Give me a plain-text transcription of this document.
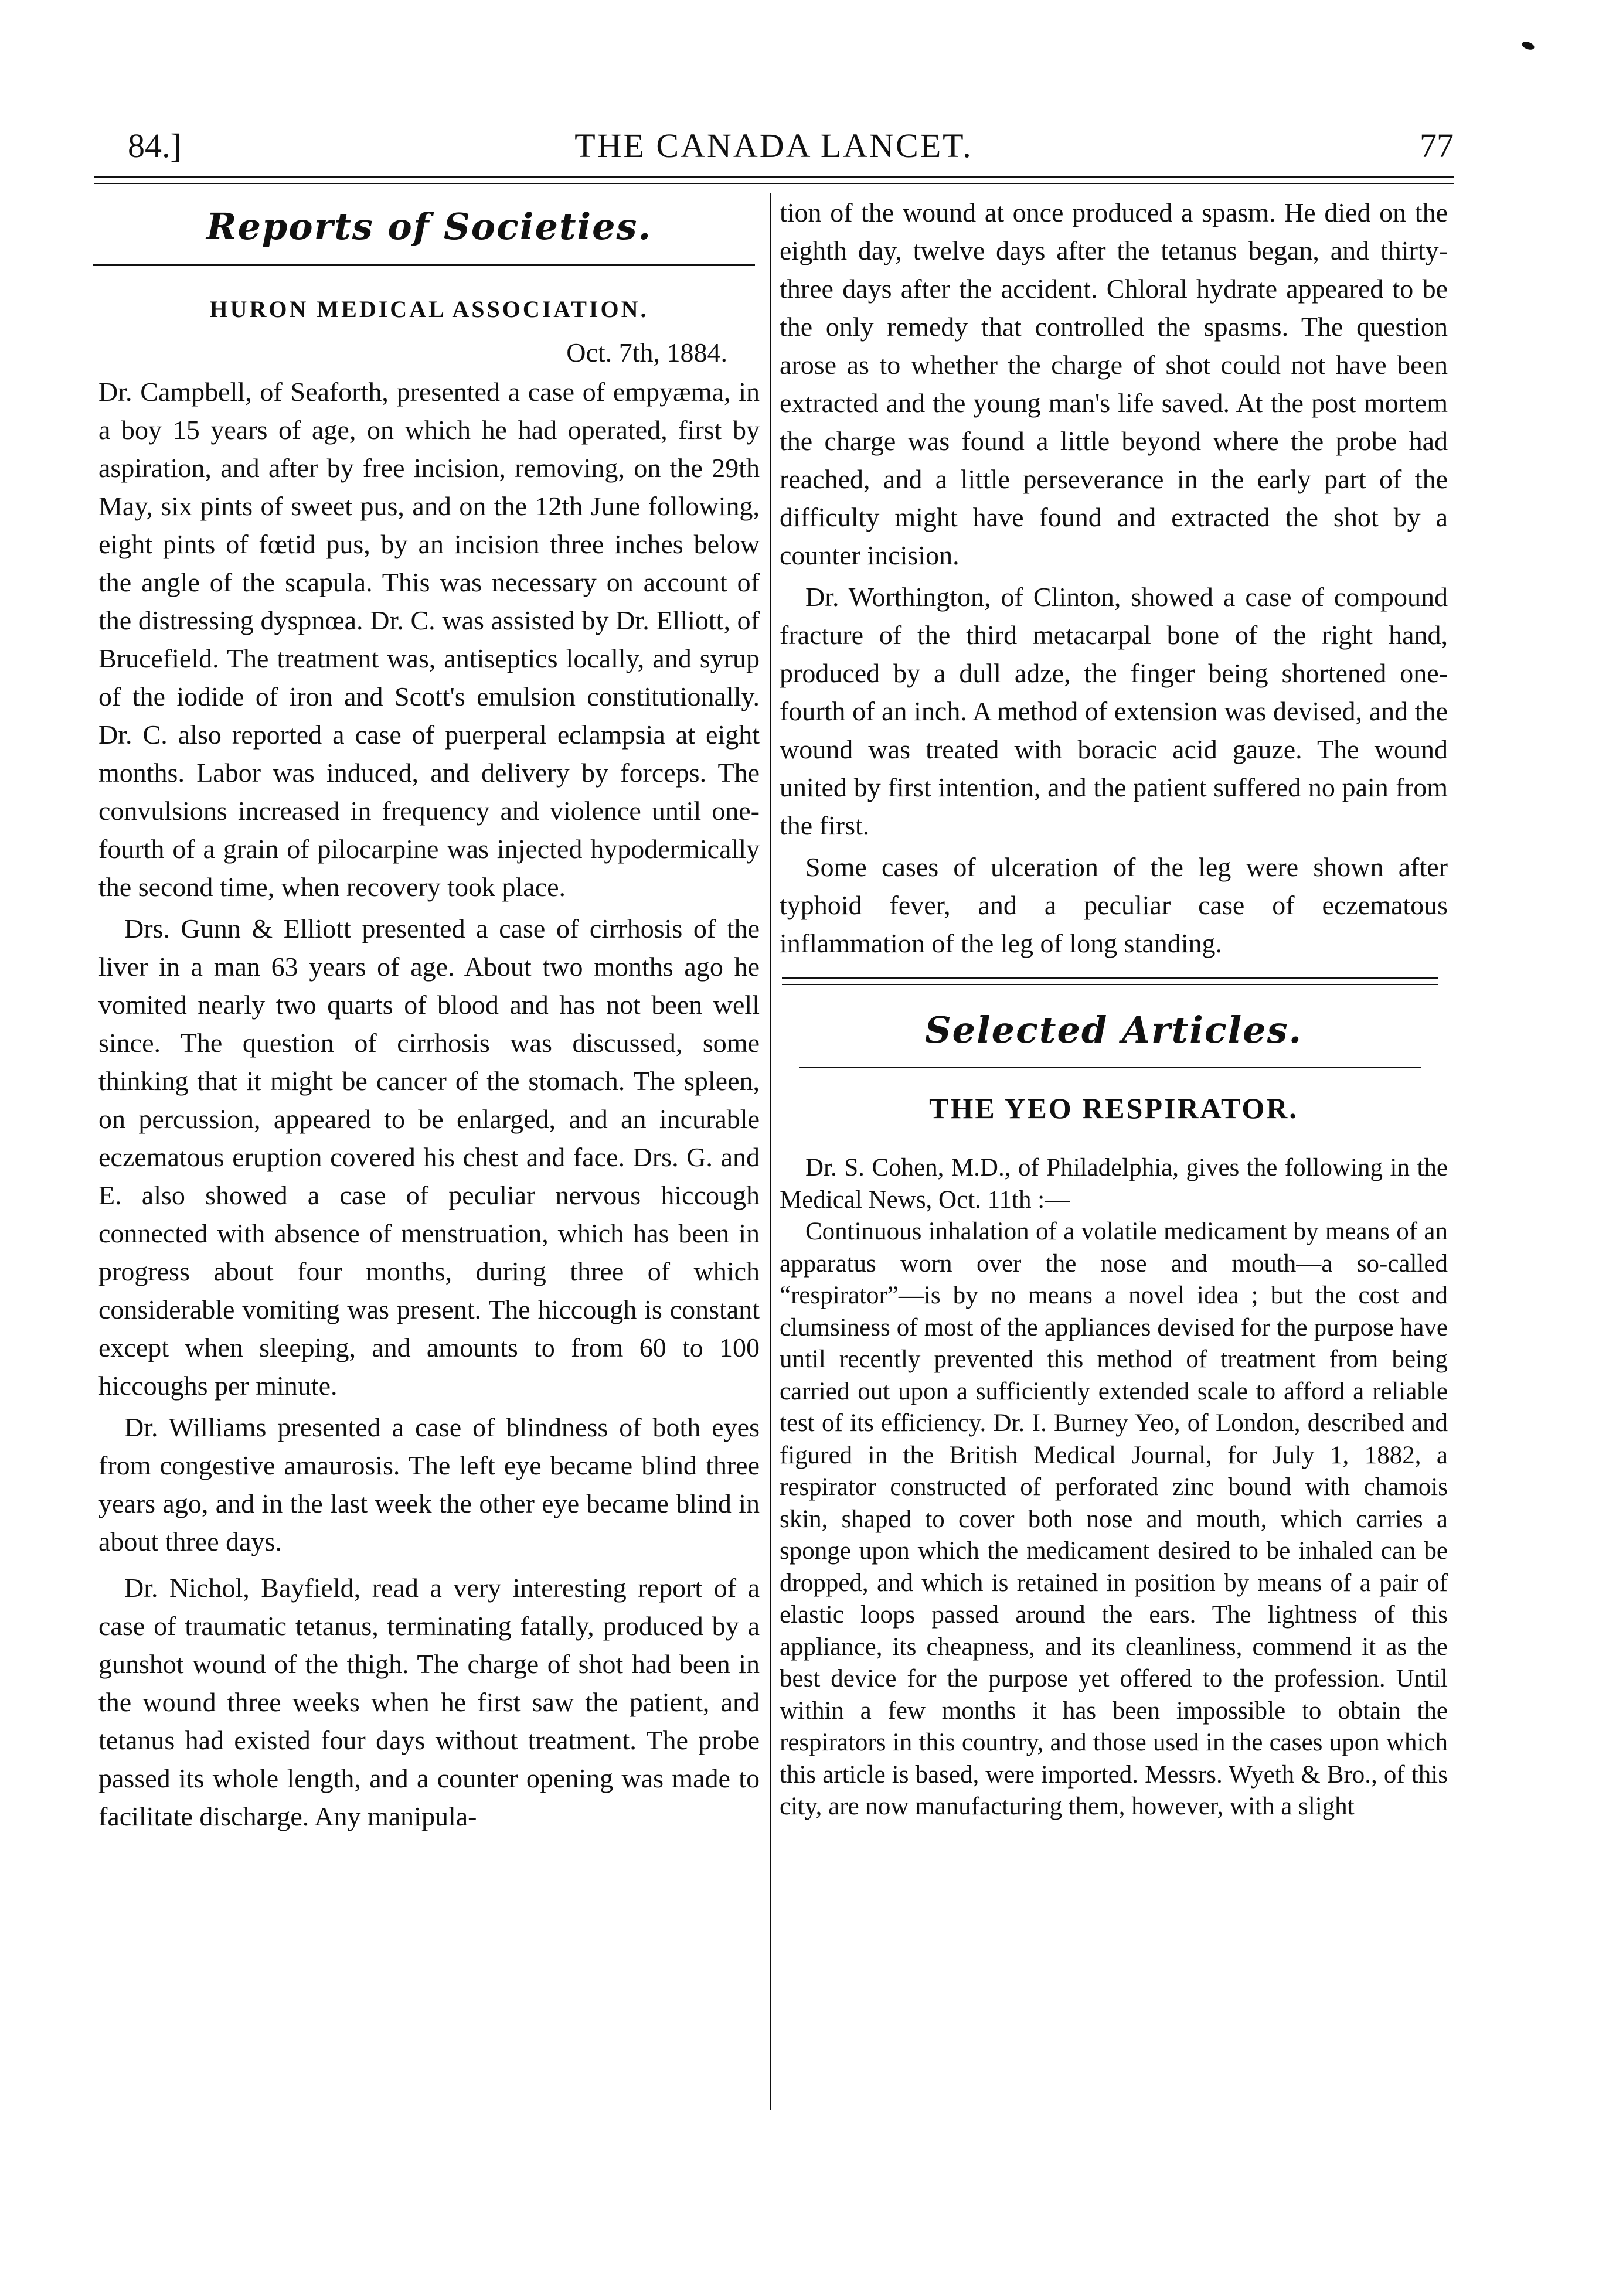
84.]	THE CANADA LANCET.	77
Reports of Societies.
HURON MEDICAL ASSOCIATION.

Oct. 7th, 1884.

Dr. Campbell, of Seaforth, presented a case of empyæma, in a boy 15 years of age, on which he had operated, first by aspiration, and after by free incision, removing, on the 29th May, six pints of sweet pus, and on the 12th June following, eight pints of fœtid pus, by an incision three inches below the angle of the scapula. This was necessary on account of the distressing dyspnœa. Dr. C. was assisted by Dr. Elliott, of Brucefield. The treatment was, antiseptics locally, and syrup of the iodide of iron and Scott's emulsion constitutionally. Dr. C. also reported a case of puerperal eclampsia at eight months. Labor was induced, and delivery by forceps. The convulsions increased in frequency and violence until one-fourth of a grain of pilocarpine was injected hypodermically the second time, when recovery took place.

Drs. Gunn & Elliott presented a case of cirrhosis of the liver in a man 63 years of age. About two months ago he vomited nearly two quarts of blood and has not been well since. The question of cirrhosis was discussed, some thinking that it might be cancer of the stomach. The spleen, on percussion, appeared to be enlarged, and an incurable eczematous eruption covered his chest and face. Drs. G. and E. also showed a case of peculiar nervous hiccough connected with absence of menstruation, which has been in progress about four months, during three of which considerable vomiting was present. The hiccough is constant except when sleeping, and amounts to from 60 to 100 hiccoughs per minute.

Dr. Williams presented a case of blindness of both eyes from congestive amaurosis. The left eye became blind three years ago, and in the last week the other eye became blind in about three days.

Dr. Nichol, Bayfield, read a very interesting report of a case of traumatic tetanus, terminating fatally, produced by a gunshot wound of the thigh. The charge of shot had been in the wound three weeks when he first saw the patient, and tetanus had existed four days without treatment. The probe passed its whole length, and a counter opening was made to facilitate discharge. Any manipula-

tion of the wound at once produced a spasm. He died on the eighth day, twelve days after the tetanus began, and thirty-three days after the accident. Chloral hydrate appeared to be the only remedy that controlled the spasms. The question arose as to whether the charge of shot could not have been extracted and the young man's life saved. At the post mortem the charge was found a little beyond where the probe had reached, and a little perseverance in the early part of the difficulty might have found and extracted the shot by a counter incision.

Dr. Worthington, of Clinton, showed a case of compound fracture of the third metacarpal bone of the right hand, produced by a dull adze, the finger being shortened one-fourth of an inch. A method of extension was devised, and the wound was treated with boracic acid gauze. The wound united by first intention, and the patient suffered no pain from the first.

Some cases of ulceration of the leg were shown after typhoid fever, and a peculiar case of eczematous inflammation of the leg of long standing.

Selected Articles.
THE YEO RESPIRATOR.

Dr. S. Cohen, M.D., of Philadelphia, gives the following in the Medical News, Oct. 11th :—

Continuous inhalation of a volatile medicament by means of an apparatus worn over the nose and mouth—a so-called “respirator”—is by no means a novel idea ; but the cost and clumsiness of most of the appliances devised for the purpose have until recently prevented this method of treatment from being carried out upon a sufficiently extended scale to afford a reliable test of its efficiency. Dr. I. Burney Yeo, of London, described and figured in the British Medical Journal, for July 1, 1882, a respirator constructed of perforated zinc bound with chamois skin, shaped to cover both nose and mouth, which carries a sponge upon which the medicament desired to be inhaled can be dropped, and which is retained in position by means of a pair of elastic loops passed around the ears. The lightness of this appliance, its cheapness, and its cleanliness, commend it as the best device for the purpose yet offered to the profession. Until within a few months it has been impossible to obtain the respirators in this country, and those used in the cases upon which this article is based, were imported. Messrs. Wyeth & Bro., of this city, are now manufacturing them, however, with a slight
